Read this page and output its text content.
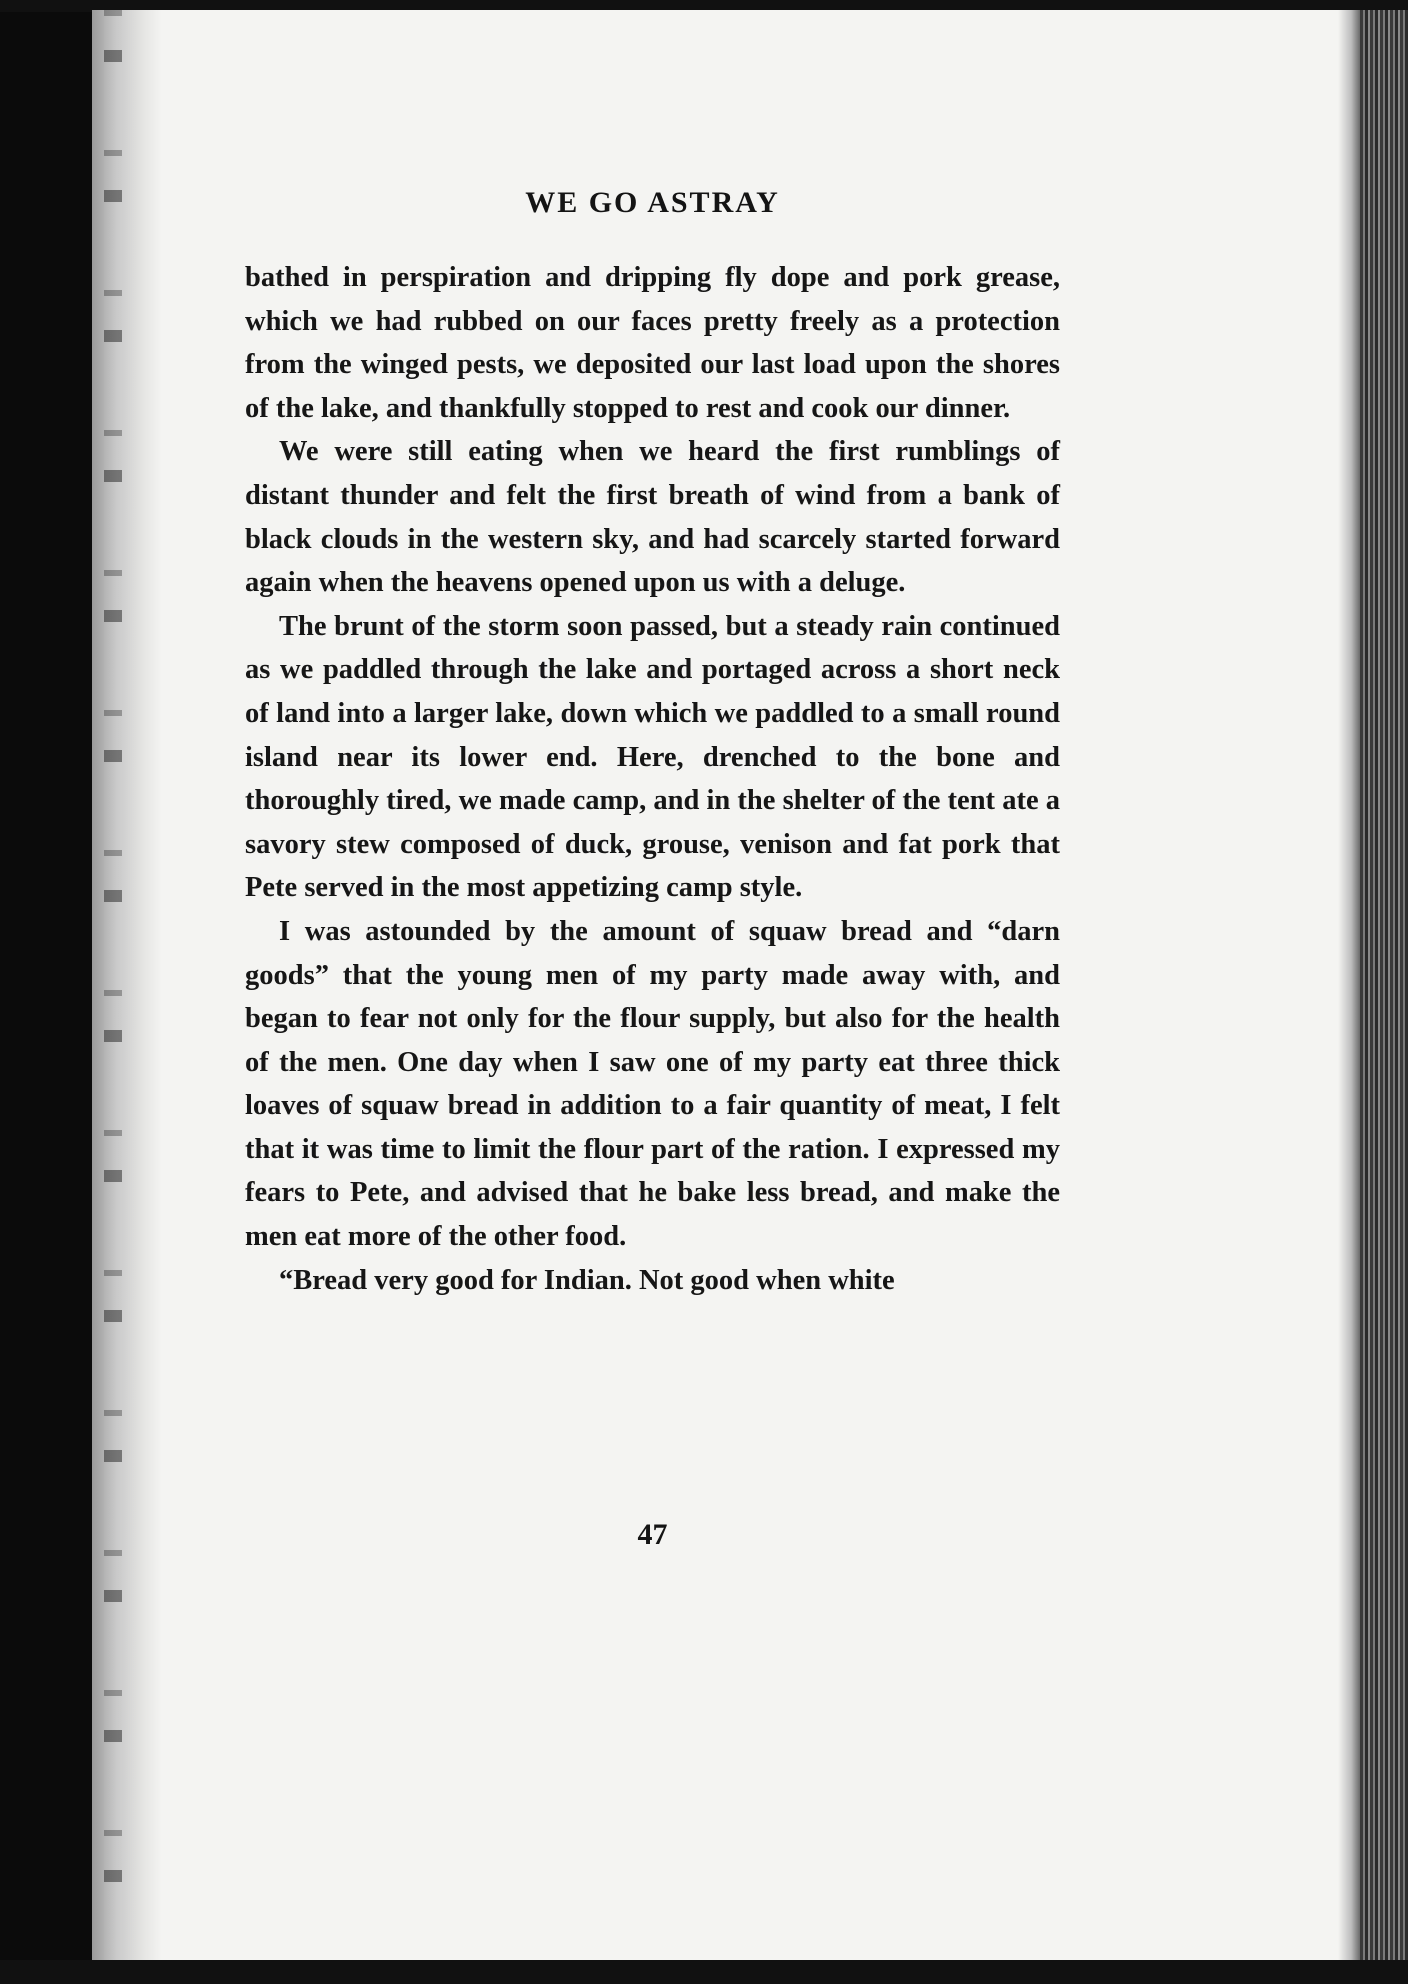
WE GO ASTRAY

bathed in perspiration and dripping fly dope and pork grease, which we had rubbed on our faces pretty freely as a protection from the winged pests, we deposited our last load upon the shores of the lake, and thankfully stopped to rest and cook our dinner.

We were still eating when we heard the first rumblings of distant thunder and felt the first breath of wind from a bank of black clouds in the western sky, and had scarcely started forward again when the heavens opened upon us with a deluge.

The brunt of the storm soon passed, but a steady rain continued as we paddled through the lake and portaged across a short neck of land into a larger lake, down which we paddled to a small round island near its lower end. Here, drenched to the bone and thoroughly tired, we made camp, and in the shelter of the tent ate a savory stew composed of duck, grouse, venison and fat pork that Pete served in the most appetizing camp style.

I was astounded by the amount of squaw bread and “darn goods” that the young men of my party made away with, and began to fear not only for the flour supply, but also for the health of the men. One day when I saw one of my party eat three thick loaves of squaw bread in addition to a fair quantity of meat, I felt that it was time to limit the flour part of the ration. I expressed my fears to Pete, and advised that he bake less bread, and make the men eat more of the other food.

“Bread very good for Indian. Not good when white

47
